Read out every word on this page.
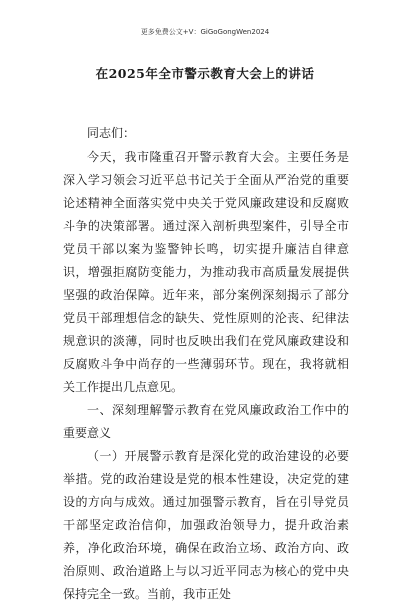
更多免费公文+V：GiGoGongWen2024
在2025年全市警示教育大会上的讲话

同志们：

今天，我市隆重召开警示教育大会。主要任务是深入学习领会习近平总书记关于全面从严治党的重要论述精神全面落实党中央关于党风廉政建设和反腐败斗争的决策部署。通过深入剖析典型案件，引导全市党员干部以案为鉴警钟长鸣，切实提升廉洁自律意识，增强拒腐防变能力，为推动我市高质量发展提供坚强的政治保障。近年来，部分案例深刻揭示了部分党员干部理想信念的缺失、党性原则的沦丧、纪律法规意识的淡薄，同时也反映出我们在党风廉政建设和反腐败斗争中尚存的一些薄弱环节。现在，我将就相关工作提出几点意见。

一、深刻理解警示教育在党风廉政政治工作中的重要意义

（一）开展警示教育是深化党的政治建设的必要举措。党的政治建设是党的根本性建设，决定党的建设的方向与成效。通过加强警示教育，旨在引导党员干部坚定政治信仰，加强政治领导力，提升政治素养，净化政治环境，确保在政治立场、政治方向、政治原则、政治道路上与以习近平同志为核心的党中央保持完全一致。当前，我市正处
